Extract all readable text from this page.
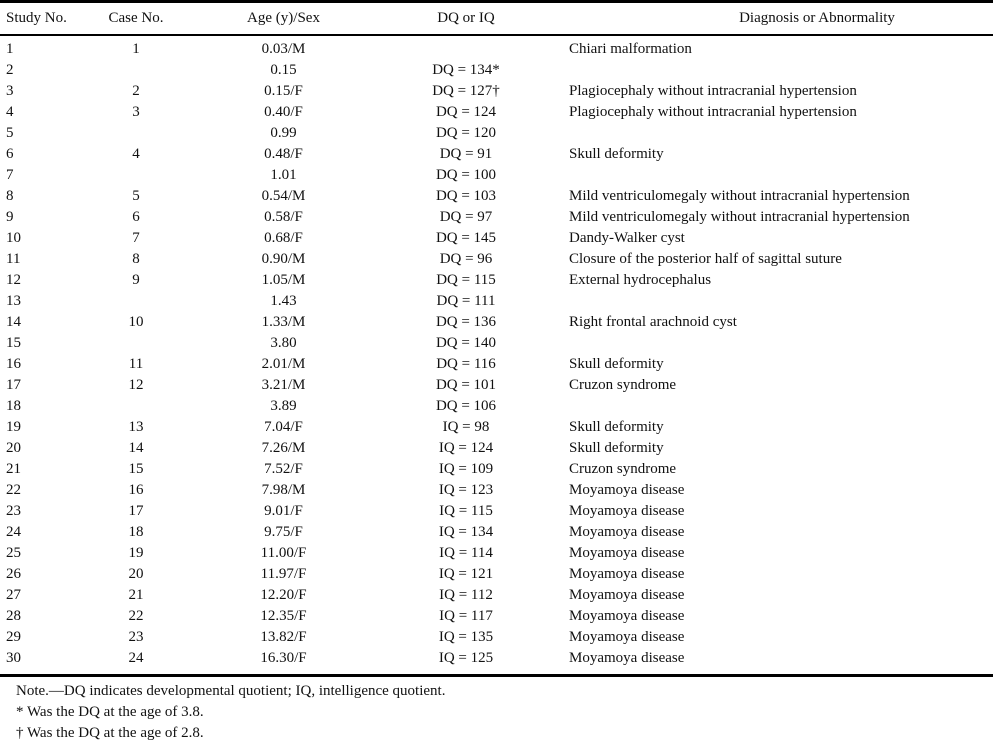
Study No.	Case No.	Age (y)/Sex	DQ or IQ	Diagnosis or Abnormality
1	1	0.03/M		Chiari malformation
2		0.15	DQ = 134*	
3	2	0.15/F	DQ = 127†	Plagiocephaly without intracranial hypertension
4	3	0.40/F	DQ = 124	Plagiocephaly without intracranial hypertension
5		0.99	DQ = 120	
6	4	0.48/F	DQ = 91	Skull deformity
7		1.01	DQ = 100	
8	5	0.54/M	DQ = 103	Mild ventriculomegaly without intracranial hypertension
9	6	0.58/F	DQ = 97	Mild ventriculomegaly without intracranial hypertension
10	7	0.68/F	DQ = 145	Dandy-Walker cyst
11	8	0.90/M	DQ = 96	Closure of the posterior half of sagittal suture
12	9	1.05/M	DQ = 115	External hydrocephalus
13		1.43	DQ = 111	
14	10	1.33/M	DQ = 136	Right frontal arachnoid cyst
15		3.80	DQ = 140	
16	11	2.01/M	DQ = 116	Skull deformity
17	12	3.21/M	DQ = 101	Cruzon syndrome
18		3.89	DQ = 106	
19	13	7.04/F	IQ = 98	Skull deformity
20	14	7.26/M	IQ = 124	Skull deformity
21	15	7.52/F	IQ = 109	Cruzon syndrome
22	16	7.98/M	IQ = 123	Moyamoya disease
23	17	9.01/F	IQ = 115	Moyamoya disease
24	18	9.75/F	IQ = 134	Moyamoya disease
25	19	11.00/F	IQ = 114	Moyamoya disease
26	20	11.97/F	IQ = 121	Moyamoya disease
27	21	12.20/F	IQ = 112	Moyamoya disease
28	22	12.35/F	IQ = 117	Moyamoya disease
29	23	13.82/F	IQ = 135	Moyamoya disease
30	24	16.30/F	IQ = 125	Moyamoya disease
Note.—DQ indicates developmental quotient; IQ, intelligence quotient.
* Was the DQ at the age of 3.8.
† Was the DQ at the age of 2.8.
